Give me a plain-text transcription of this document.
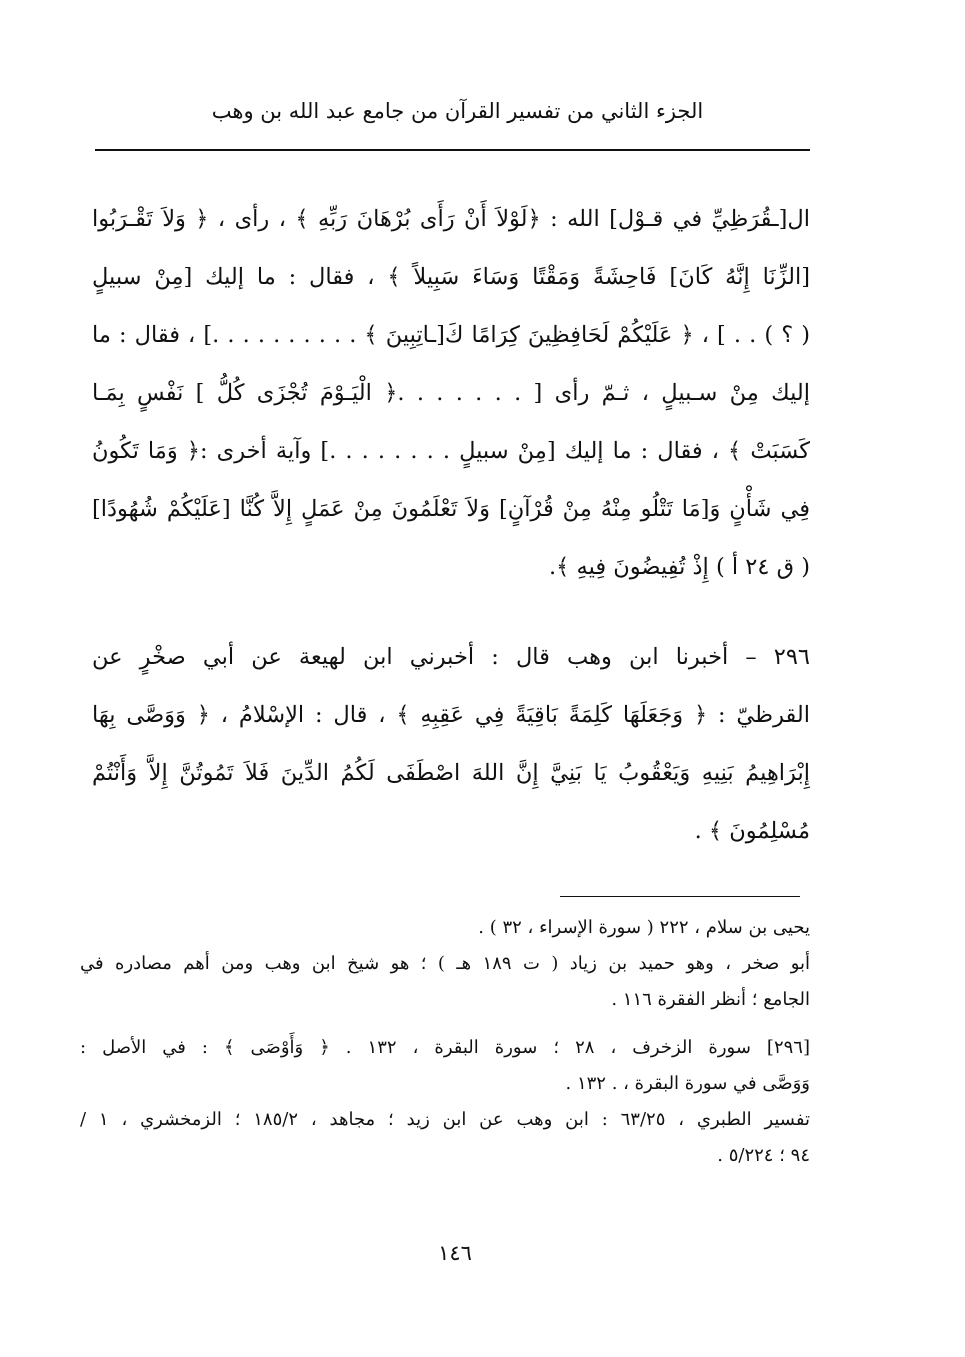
الجزء الثاني من تفسير القرآن من جامع عبد الله بن وهب
ال[ـقُرَظِيِّ في قـوْل] الله : ﴿لَوْلاَ أَنْ رَأَى بُرْهَانَ رَبِّهِ ﴾ ، رأى ، ﴿ وَلاَ تَقْـرَبُوا
[الزِّنَا إِنَّهُ كَانَ] فَاحِشَةً وَمَقْتًا وَسَاءَ سَبِيلاً ﴾ ، فقال : ما إليك [مِنْ سبيلٍ
( ؟ ) . . ] ، ﴿ عَلَيْكُمْ لَحَافِظِينَ كِرَامًا كَ[ـاتِبِينَ ﴾ . . . . . . . . . .] ، فقال : ما
إليك مِنْ سـبيلٍ ، ثـمّ رأى [ . . . . . . .﴿ الْيَـوْمَ تُجْزَى كُلُّ ] نَفْسٍ بِمَـا
كَسَبَتْ ﴾ ، فقال : ما إليك [مِنْ سبيلٍ . . . . . . . .] وآية أخرى :﴿ وَمَا تَكُونُ
فِي شَأْنٍ وَ[مَا تَتْلُو مِنْهُ مِنْ قُرْآنٍ] وَلاَ تَعْلَمُونَ مِنْ عَمَلٍ إِلاَّ كُنَّا [عَلَيْكُمْ شُهُودًا]
( ق ٢٤ أ ) إِذْ تُفِيضُونَ فِيهِ ﴾.
٢٩٦ – أخبرنا ابن وهب قال : أخبرني ابن لهيعة عن أبي صخْرٍ عن
القرظيّ : ﴿ وَجَعَلَهَا كَلِمَةً بَاقِيَةً فِي عَقِبِهِ ﴾ ، قال : الإسْلامُ ، ﴿ وَوَصَّى بِهَا
إِبْرَاهِيمُ بَنِيهِ وَيَعْقُوبُ يَا بَنِيَّ إِنَّ اللهَ اصْطَفَى لَكُمُ الدِّينَ فَلاَ تَمُوتُنَّ إِلاَّ وَأَنْتُمْ
مُسْلِمُونَ ﴾ .
يحيى بن سلام ، ٢٢٢ ( سورة الإسراء ، ٣٢ ) .
أبو صخر ، وهو حميد بن زياد ( ت ١٨٩ هـ ) ؛ هو شيخ ابن وهب ومن أهم مصادره في
الجامع ؛ أنظر الفقرة ١١٦ .
[٢٩٦] سورة الزخرف ، ٢٨ ؛ سورة البقرة ، ١٣٢ . ﴿ وَأَوْصَى ﴾ : في الأصل :
وَوَصَّى في سورة البقرة ، . ١٣٢ .
تفسير الطبري ، ٦٣/٢٥ : ابن وهب عن ابن زيد ؛ مجاهد ، ١٨٥/٢ ؛ الزمخشري ، ١ /
٩٤ ؛ ٥/٢٢٤ .
١٤٦
